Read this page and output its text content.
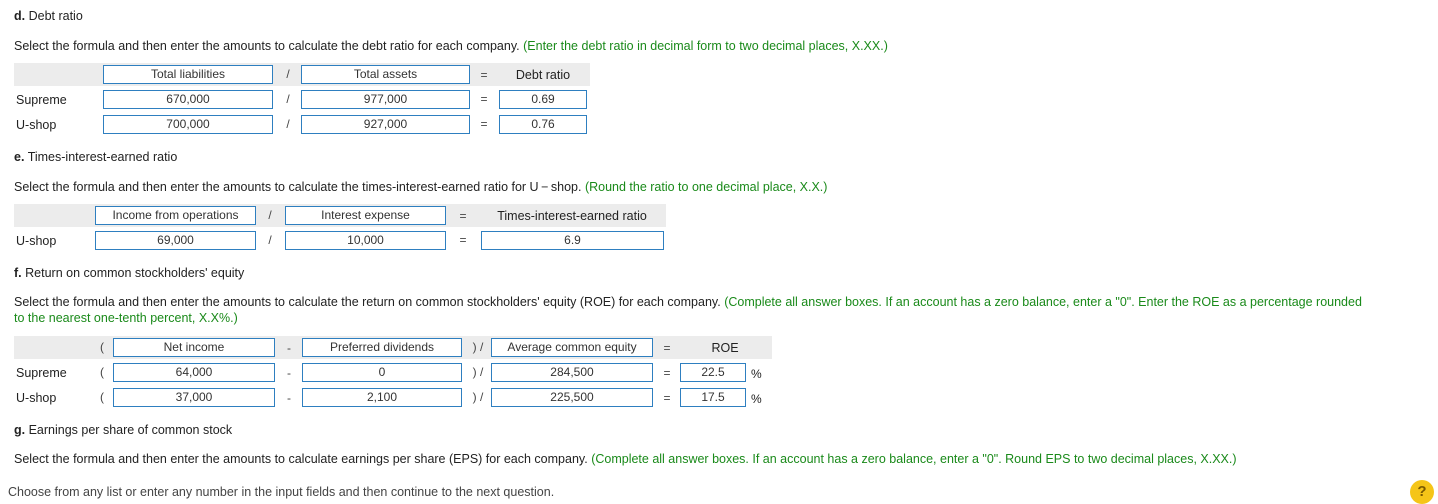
d. Debt ratio
Select the formula and then enter the amounts to calculate the debt ratio for each company. (Enter the debt ratio in decimal form to two decimal places, X.XX.)
Total liabilities	/	Total assets	=	Debt ratio
Supreme	670,000	/	977,000	=	0.69
U-shop	700,000	/	927,000	=	0.76
e. Times-interest-earned ratio
Select the formula and then enter the amounts to calculate the times-interest-earned ratio for U − shop. (Round the ratio to one decimal place, X.X.)
Income from operations	/	Interest expense	=	Times-interest-earned ratio
U-shop	69,000	/	10,000	=	6.9
f. Return on common stockholders' equity
Select the formula and then enter the amounts to calculate the return on common stockholders' equity (ROE) for each company. (Complete all answer boxes. If an account has a zero balance, enter a "0". Enter the ROE as a percentage rounded
to the nearest one-tenth percent, X.X%.)
(	Net income	-	Preferred dividends	) /	Average common equity	=	ROE
Supreme	(	64,000	-	0	) /	284,500	=	22.5	%
U-shop	(	37,000	-	2,100	) /	225,500	=	17.5	%
g. Earnings per share of common stock
Select the formula and then enter the amounts to calculate earnings per share (EPS) for each company. (Complete all answer boxes. If an account has a zero balance, enter a "0". Round EPS to two decimal places, X.XX.)
Choose from any list or enter any number in the input fields and then continue to the next question.	?
